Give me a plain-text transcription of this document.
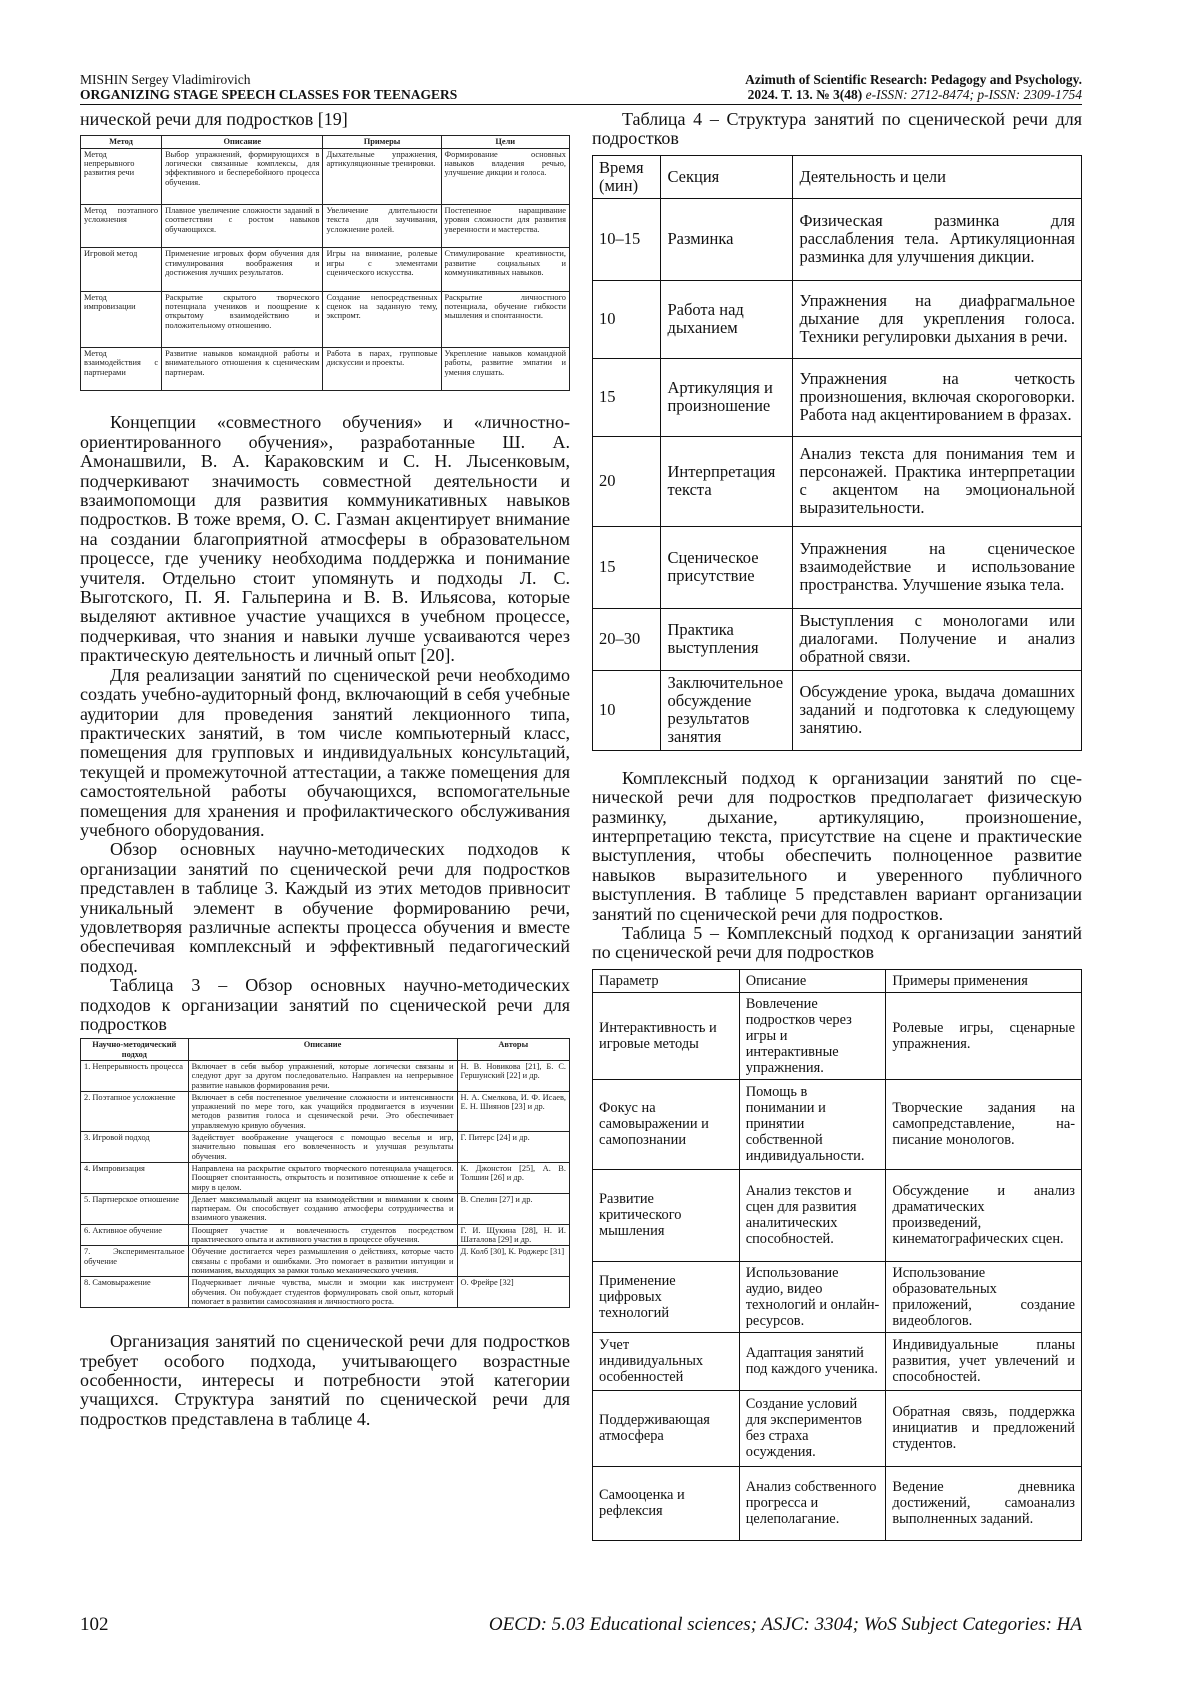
MISHIN Sergey Vladimirovich
ORGANIZING STAGE SPEECH CLASSES FOR TEENAGERS
Azimuth of Scientific Research: Pedagogy and Psychology.
2024. T. 13. № 3(48) e-ISSN: 2712-8474; p-ISSN: 2309-1754
нической речи для подростков [19]
Метод	Описание	Примеры	Цели
Метод непрерывного развития речи	Выбор упражнений, формирующихся в логически связанные комплексы, для эффективного и бесперебойного процесса обучения.	Дыхательные упражнения, артикуляционные тренировки.	Формирование основных навыков владения речью, улучшение дикции и голоса.
Метод поэтапного усложнения	Плавное увеличение сложности заданий в соответствии с ростом навыков обучающихся.	Увеличение длительности текста для заучивания, усложнение ролей.	Постепенное наращивание уровня сложности для развития уверенности и мастерства.
Игровой метод	Применение игровых форм обучения для стимулирования воображения и достижения лучших результатов.	Игры на внимание, ролевые игры с элементами сценического искусства.	Стимулирование креативности, развитие социальных и коммуникативных навыков.
Метод импровизации	Раскрытие скрытого творческого потенциала учеников и поощрение к открытому взаимодействию и положительному отношению.	Создание непосредственных сценок на заданную тему, экспромт.	Раскрытие личностного потенциала, обучение гибкости мышления и спонтанности.
Метод взаимодействия с партнерами	Развитие навыков командной работы и внимательного отношения к сценическим партнерам.	Работа в парах, групповые дискуссии и проекты.	Укрепление навыков командной работы, развитие эмпатии и умения слушать.
Концепции «совместного обучения» и «личностно-ориентированного обучения», разработанные Ш. А. Амонашвили, В. А. Караковским и С. Н. Лысенковым, подчеркивают значимость совместной деятельности и взаимопомощи для развития коммуникативных навыков подростков. В тоже время, О. С. Газман акцентирует внимание на создании благоприятной атмосферы в образовательном процессе, где ученику необходима поддержка и понимание учителя. Отдельно стоит упомянуть и подходы Л. С. Выготского, П. Я. Гальперина и В. В. Ильясова, которые выделяют активное участие учащихся в учебном процессе, подчеркивая, что знания и навыки лучше усваиваются через практическую деятельность и личный опыт [20].
Для реализации занятий по сценической речи необходимо создать учебно-аудиторный фонд, включающий в себя учебные аудитории для проведения занятий лекционного типа, практических занятий, в том числе компьютерный класс, помещения для групповых и индивидуальных консультаций, текущей и промежуточной аттестации, а также помещения для самостоятельной работы обучающихся, вспомогательные помещения для хранения и профилактического обслуживания учебного оборудования.
Обзор основных научно-методических подходов к организации занятий по сценической речи для подростков представлен в таблице 3. Каждый из этих методов привносит уникальный элемент в обучение формированию речи, удовлетворяя различные аспекты процесса обучения и вместе обеспечивая комплексный и эффективный педагогический подход.
Таблица 3 – Обзор основных научно-методических подходов к организации занятий по сценической речи для подростков
Научно-методический подход	Описание	Авторы
1. Непрерывность процесса	Включает в себя выбор упражнений, которые логически связаны и следуют друг за другом последовательно. Направлен на непрерывное развитие навыков формирования речи.	Н. В. Новикова [21], Б. С. Гершунский [22] и др.
2. Поэтапное усложнение	Включает в себя постепенное увеличение сложности и интенсивности упражнений по мере того, как учащийся продвигается в изучении методов развития голоса и сценической речи. Это обеспечивает управляемую кривую обучения.	Н. А. Смелкова, И. Ф. Исаев, Е. Н. Шиянов [23] и др.
3. Игровой подход	Задействует воображение учащегося с помощью веселья и игр, значительно повышая его вовлеченность и улучшая результаты обучения.	Г. Питерс [24] и др.
4. Импровизация	Направлена на раскрытие скрытого творческого потенциала учащегося. Поощряет спонтанность, открытость и позитивное отношение к себе и миру в целом.	К. Джонстон [25], А. В. Толшин [26] и др.
5. Партнерское отношение	Делает максимальный акцент на взаимодействии и внимании к своим партнерам. Он способствует созданию атмосферы сотрудничества и взаимного уважения.	В. Спелин [27] и др.
6. Активное обучение	Поощряет участие и вовлеченность студентов посредством практического опыта и активного участия в процессе обучения.	Г. И. Щукина [28], Н. И. Шаталова [29] и др.
7. Экспериментальное обучение	Обучение достигается через размышления о действиях, которые часто связаны с пробами и ошибками. Это помогает в развитии интуиции и понимания, выходящих за рамки только механического учения.	Д. Колб [30], К. Роджерс [31]
8. Самовыражение	Подчеркивает личные чувства, мысли и эмоции как инструмент обучения. Он побуждает студентов формулировать свой опыт, который помогает в развитии самосознания и личностного роста.	О. Фрейре [32]
Организация занятий по сценической речи для подростков требует особого подхода, учитывающего возрастные особенности, интересы и потребности этой категории учащихся. Структура занятий по сценической речи для подростков представлена в таблице 4.
Таблица 4 – Структура занятий по сценической речи для подростков
Время (мин)	Секция	Деятельность и цели
10–15	Разминка	Физическая разминка для расслабления тела. Артикуляционная разминка для улучшения дикции.
10	Работа над дыханием	Упражнения на диафрагмальное дыхание для укрепления голоса. Техники регулировки дыхания в речи.
15	Артикуляция и произношение	Упражнения на четкость произношения, включая скороговорки. Работа над акцентированием в фразах.
20	Интерпретация текста	Анализ текста для понимания тем и персонажей. Практика интерпретации с акцентом на эмоциональной выразительности.
15	Сценическое присутствие	Упражнения на сценическое взаимодействие и использование пространства. Улучшение языка тела.
20–30	Практика выступления	Выступления с монологами или диалогами. Получение и анализ обратной связи.
10	Заключительное обсуждение результатов занятия	Обсуждение урока, выдача домашних заданий и подготовка к следующему занятию.
Комплексный подход к организации занятий по сценической речи для подростков предполагает физическую разминку, дыхание, артикуляцию, произношение, интерпретацию текста, присутствие на сцене и практические выступления, чтобы обеспечить полноценное развитие навыков выразительного и уверенного публичного выступления. В таблице 5 представлен вариант организации занятий по сценической речи для подростков.
Таблица 5 – Комплексный подход к организации занятий по сценической речи для подростков
Параметр	Описание	Примеры применения
Интерактивность и игровые методы	Вовлечение подростков через игры и интерактивные упражнения.	Ролевые игры, сценарные упражнения.
Фокус на самовыражении и самопознании	Помощь в понимании и принятии собственной индивидуальности.	Творческие задания на самопредставление, написание монологов.
Развитие критического мышления	Анализ текстов и сцен для развития аналитических способностей.	Обсуждение и анализ драматических произведений, кинематографических сцен.
Применение цифровых технологий	Использование аудио, видео технологий и онлайн-ресурсов.	Использование образовательных приложений, создание видеоблогов.
Учет индивидуальных особенностей	Адаптация занятий под каждого ученика.	Индивидуальные планы развития, учет увлечений и способностей.
Поддерживающая атмосфера	Создание условий для экспериментов без страха осуждения.	Обратная связь, поддержка инициатив и предложений студентов.
Самооценка и рефлексия	Анализ собственного прогресса и целеполагание.	Ведение дневника достижений, самоанализ выполненных заданий.
102	OECD: 5.03 Educational sciences; ASJC: 3304; WoS Subject Categories: НА
